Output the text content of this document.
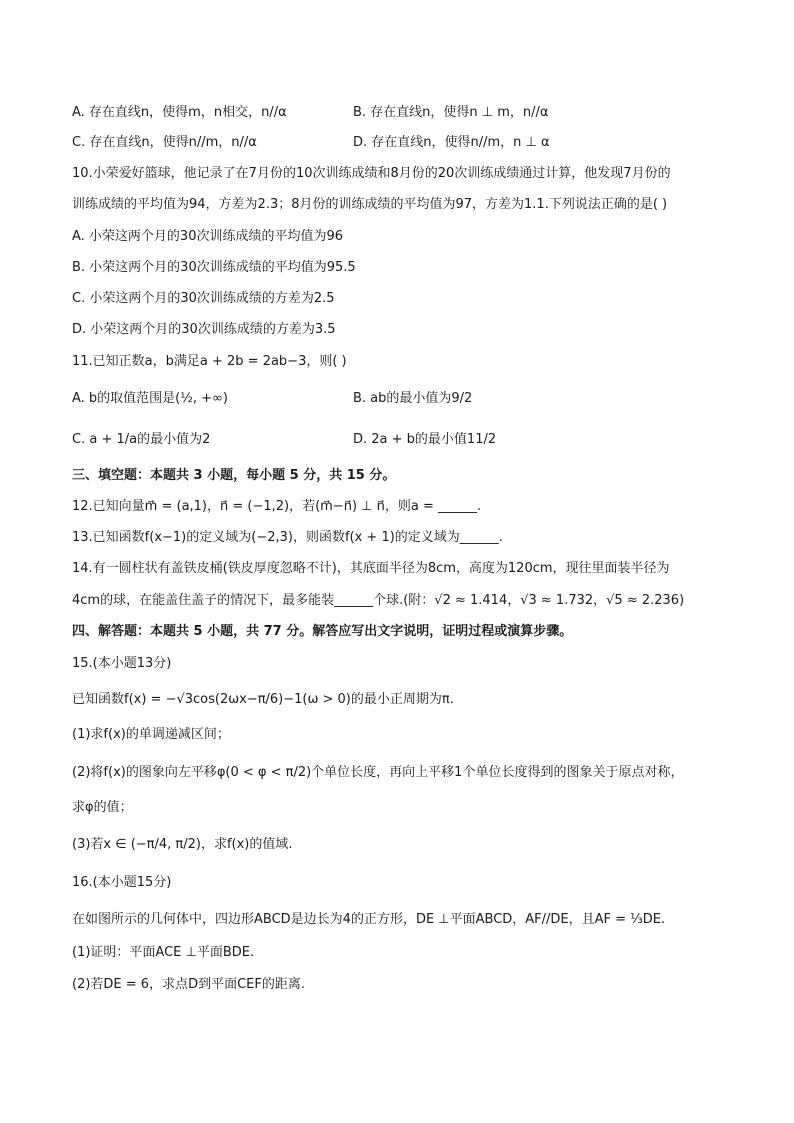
A. 存在直线n，使得m，n相交，n//α	B. 存在直线n，使得n ⊥ m，n//α
C. 存在直线n，使得n//m，n//α	D. 存在直线n，使得n//m，n ⊥ α
10.小荣爱好篮球，他记录了在7月份的10次训练成绩和8月份的20次训练成绩通过计算，他发现7月份的
训练成绩的平均值为94，方差为2.3；8月份的训练成绩的平均值为97，方差为1.1.下列说法正确的是( )
A. 小荣这两个月的30次训练成绩的平均值为96
B. 小荣这两个月的30次训练成绩的平均值为95.5
C. 小荣这两个月的30次训练成绩的方差为2.5
D. 小荣这两个月的30次训练成绩的方差为3.5
11.已知正数a，b满足a + 2b = 2ab−3，则( )
A. b的取值范围是(½, +∞)	B. ab的最小值为9/2
C. a + 1/a的最小值为2	D. 2a + b的最小值11/2
三、填空题：本题共 3 小题，每小题 5 分，共 15 分。
12.已知向量m⃗ = (a,1)，n⃗ = (−1,2)，若(m⃗−n⃗) ⊥ n⃗，则a = ______.
13.已知函数f(x−1)的定义域为(−2,3)，则函数f(x + 1)的定义域为______.
14.有一圆柱状有盖铁皮桶(铁皮厚度忽略不计)，其底面半径为8cm，高度为120cm，现往里面装半径为
4cm的球，在能盖住盖子的情况下，最多能装______个球.(附：√2 ≈ 1.414，√3 ≈ 1.732，√5 ≈ 2.236)
四、解答题：本题共 5 小题，共 77 分。解答应写出文字说明，证明过程或演算步骤。
15.(本小题13分)
已知函数f(x) = −√3cos(2ωx−π/6)−1(ω > 0)的最小正周期为π.
(1)求f(x)的单调递减区间；
(2)将f(x)的图象向左平移φ(0 < φ < π/2)个单位长度，再向上平移1个单位长度得到的图象关于原点对称，
求φ的值；
(3)若x ∈ (−π/4, π/2)，求f(x)的值域.
16.(本小题15分)
在如图所示的几何体中，四边形ABCD是边长为4的正方形，DE ⊥平面ABCD，AF//DE，且AF = ⅓DE.
(1)证明：平面ACE ⊥平面BDE.
(2)若DE = 6，求点D到平面CEF的距离.
